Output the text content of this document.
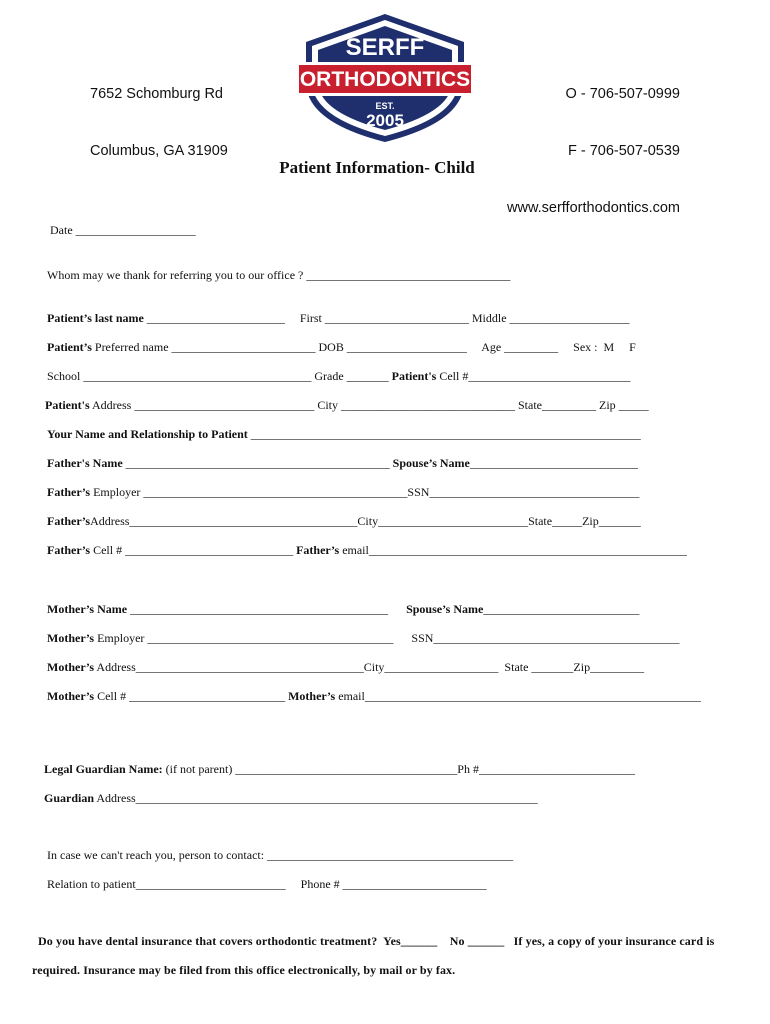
7652 Schomburg Rd

Columbus, GA 31909

O - 706-507-0999

F - 706-507-0539

www.serfforthodontics.com

SERFF
ORTHODONTICS
EST.
2005
Patient Information- Child
Date ____________________
Whom may we thank for referring you to our office ? __________________________________
Patient’s last name _______________________     First ________________________ Middle ____________________
Patient’s Preferred name ________________________ DOB ____________________     Age _________     Sex :  M     F
School ______________________________________ Grade _______ Patient's Cell #___________________________
Patient's Address ______________________________ City _____________________________ State_________ Zip _____
Your Name and Relationship to Patient _________________________________________________________________
Father's Name ____________________________________________ Spouse’s Name____________________________
Father’s Employer ____________________________________________SSN___________________________________
Father’sAddress______________________________________City_________________________State_____Zip_______
Father’s Cell # ____________________________ Father’s email_____________________________________________________
Mother’s Name ___________________________________________      Spouse’s Name__________________________
Mother’s Employer _________________________________________      SSN_________________________________________
Mother’s Address______________________________________City___________________  State _______Zip_________
Mother’s Cell # __________________________ Mother’s email________________________________________________________
Legal Guardian Name: (if not parent) _____________________________________Ph #__________________________
Guardian Address___________________________________________________________________
In case we can't reach you, person to contact: _________________________________________
Relation to patient_________________________     Phone # ________________________
Do you have dental insurance that covers orthodontic treatment?  Yes______    No ______   If yes, a copy of your insurance card is
required. Insurance may be filed from this office electronically, by mail or by fax.
